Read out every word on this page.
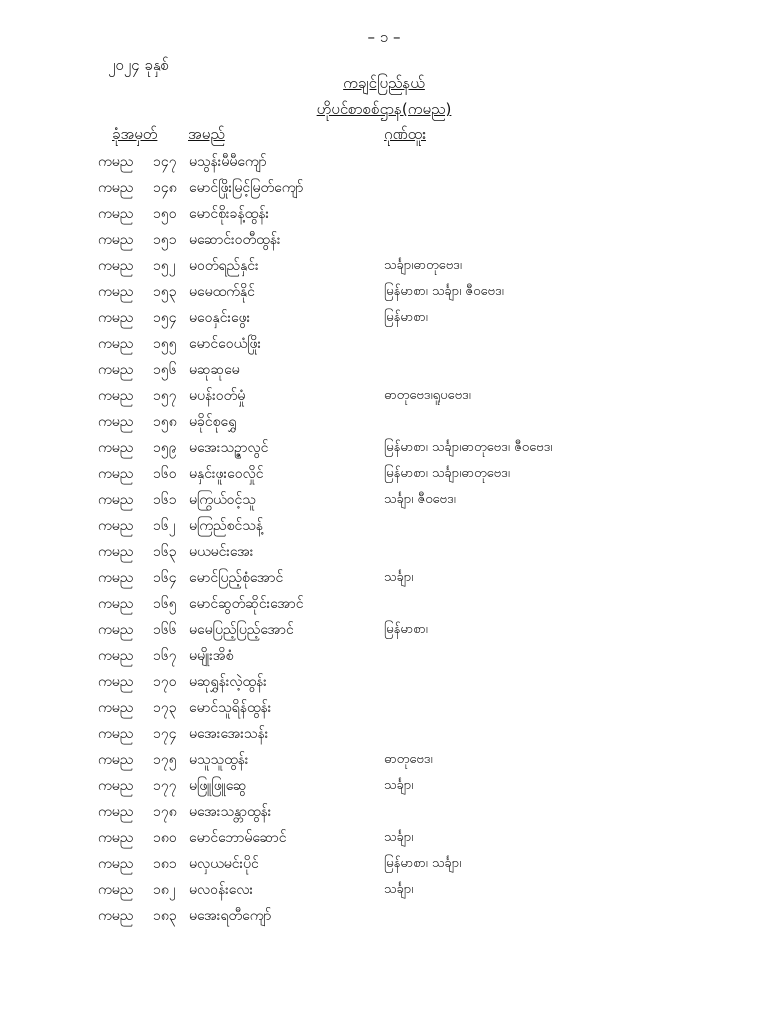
– ၁ –
၂၀၂၄ ခုနှစ်
ကချင်ပြည်နယ်
ဟိုပင်စာစစ်ဌာန(ကမည)
ခုံအမှတ် အမည်	ဂုဏ်ထူး
ကမည ၁၄၇ မသွန်းမီမီကျော်
ကမည ၁၄၈ မောင်ဖြိုးမြင့်မြတ်ကျော်
ကမည ၁၅၀ မောင်စိုးခန့်ထွန်း
ကမည ၁၅၁ မဆောင်းဝတီထွန်း
ကမည ၁၅၂ မဝတ်ရည်နှင်း	သင်္ချာ၊ဓာတုဗေဒ၊
ကမည ၁၅၃ မမေထက်နိုင်	မြန်မာစာ၊ သင်္ချာ၊ ဇီဝဗေဒ၊
ကမည ၁၅၄ မဝေနှင်းဖွေး	မြန်မာစာ၊
ကမည ၁၅၅ မောင်ဝေယံဖြိုး
ကမည ၁၅၆ မဆုဆုမေ
ကမည ၁၅၇ မပန်းဝတ်မှုံ	ဓာတုဗေဒ၊ရူပဗေဒ၊
ကမည ၁၅၈ မခိုင်စုရွှေ
ကမည ၁၅၉ မအေးသဉ္ဇာလွင်	မြန်မာစာ၊ သင်္ချာ၊ဓာတုဗေဒ၊ ဇီဝဗေဒ၊
ကမည ၁၆၀ မနှင်းဖူးဝေလှိုင်	မြန်မာစာ၊ သင်္ချာ၊ဓာတုဗေဒ၊
ကမည ၁၆၁ မကြွယ်ဝင့်သူ	သင်္ချာ၊ ဇီဝဗေဒ၊
ကမည ၁၆၂ မကြည်စင်သန့်
ကမည ၁၆၃ မယမင်းအေး
ကမည ၁၆၄ မောင်ပြည့်စုံအောင်	သင်္ချာ၊
ကမည ၁၆၅ မောင်ဆွတ်ဆိုင်းအောင်
ကမည ၁၆၆ မမေပြည့်ပြည့်အောင်	မြန်မာစာ၊
ကမည ၁၆၇ မမျိုးအိစံ
ကမည ၁၇၀ မဆုရွှန်းလဲ့ထွန်း
ကမည ၁၇၃ မောင်သူရိန်ထွန်း
ကမည ၁၇၄ မအေးအေးသန်း
ကမည ၁၇၅ မသူသူထွန်း	ဓာတုဗေဒ၊
ကမည ၁၇၇ မဖြူဖြူဆွေ	သင်္ချာ၊
ကမည ၁၇၈ မအေးသန္တာထွန်း
ကမည ၁၈၀ မောင်ဘောမ်ဆောင်	သင်္ချာ၊
ကမည ၁၈၁ မလှယမင်းပိုင်	မြန်မာစာ၊ သင်္ချာ၊
ကမည ၁၈၂ မလဝန်းလေး	သင်္ချာ၊
ကမည ၁၈၃ မအေးရတီကျော်
